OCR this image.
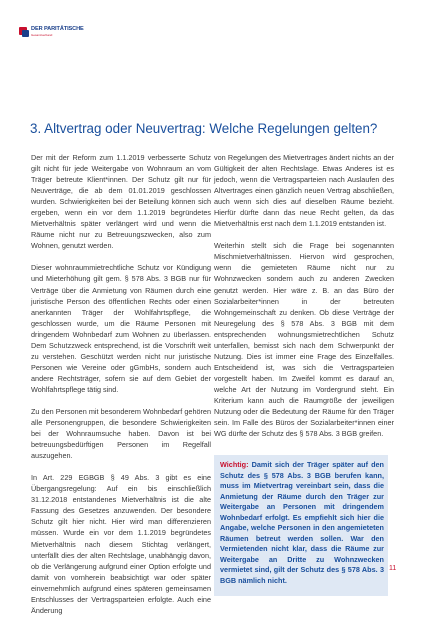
DER PARITÄTISCHE
Gesamtverband
3. Altvertrag oder Neuvertrag: Welche Regelungen gelten?

Der mit der Reform zum 1.1.2019 verbesserte Schutz gilt nicht für jede Weitergabe von Wohnraum an vom Träger betreute Klient*innen. Der Schutz gilt nur für Neuverträge, die ab dem 01.01.2019 geschlossen wurden. Schwierigkeiten bei der Beteilung können sich ergeben, wenn ein vor dem 1.1.2019 begründetes Mietverhältnis später verlängert wird und wenn die Räume nicht nur zu Betreuungszwecken, also zum Wohnen, genutzt werden.

Dieser wohnraummietrechtliche Schutz vor Kündigung und Mieterhöhung gilt gem. § 578 Abs. 3 BGB nur für Verträge über die Anmietung von Räumen durch eine juristische Person des öffentlichen Rechts oder einen anerkannten Träger der Wohlfahrtspflege, die geschlossen wurde, um die Räume Personen mit dringendem Wohnbedarf zum Wohnen zu überlassen. Dem Schutzzweck entsprechend, ist die Vorschrift weit zu verstehen. Geschützt werden nicht nur juristische Personen wie Vereine oder gGmbHs, sondern auch andere Rechtsträger, sofern sie auf dem Gebiet der Wohlfahrtspflege tätig sind.

Zu den Personen mit besonderem Wohnbedarf gehören alle Personengruppen, die besondere Schwierigkeiten bei der Wohnraumsuche haben. Davon ist bei betreuungsbedürftigen Personen im Regelfall auszugehen.

In Art. 229 EGBGB § 49 Abs. 3 gibt es eine Übergangsregelung: Auf ein bis einschließlich 31.12.2018 entstandenes Mietverhältnis ist die alte Fassung des Gesetzes anzuwenden. Der besondere Schutz gilt hier nicht. Hier wird man differenzieren müssen. Wurde ein vor dem 1.1.2019 begründetes Mietverhältnis nach diesem Stichtag verlängert, unterfällt dies der alten Rechtslage, unabhängig davon, ob die Verlängerung aufgrund einer Option erfolgte und damit von vornherein beabsichtigt war oder später einvernehmlich aufgrund eines späteren gemeinsamen Entschlusses der Vertragsparteien erfolgte. Auch eine Änderung

von Regelungen des Mietvertrages ändert nichts an der Gültigkeit der alten Rechtslage. Etwas Anderes ist es jedoch, wenn die Vertragsparteien nach Auslaufen des Altvertrages einen gänzlich neuen Vertrag abschließen, auch wenn sich dies auf dieselben Räume bezieht. Hierfür dürfte dann das neue Recht gelten, da das Mietverhältnis erst nach dem 1.1.2019 entstanden ist.

Weiterhin stellt sich die Frage bei sogenannten Mischmietverhältnissen. Hiervon wird gesprochen, wenn die gemieteten Räume nicht nur zu Wohnzwecken sondern auch zu anderen Zwecken genutzt werden. Hier wäre z. B. an das Büro der Sozialarbeiter*innen in der betreuten Wohngemeinschaft zu denken. Ob diese Verträge der Neuregelung des § 578 Abs. 3 BGB mit dem entsprechenden wohnungsmietrechtlichen Schutz unterfallen, bemisst sich nach dem Schwerpunkt der Nutzung. Dies ist immer eine Frage des Einzelfalles. Entscheidend ist, was sich die Vertragsparteien vorgestellt haben. Im Zweifel kommt es darauf an, welche Art der Nutzung im Vordergrund steht. Ein Kriterium kann auch die Raumgröße der jeweiligen Nutzung oder die Bedeutung der Räume für den Träger sein. Im Falle des Büros der Sozialarbeiter*innen einer WG dürfte der Schutz des § 578 Abs. 3 BGB greifen.

Wichtig: Damit sich der Träger später auf den Schutz des § 578 Abs. 3 BGB berufen kann, muss im Mietvertrag vereinbart sein, dass die Anmietung der Räume durch den Träger zur Weitergabe an Personen mit dringendem Wohnbedarf erfolgt. Es empfiehlt sich hier die Angabe, welche Personen in den angemieteten Räumen betreut werden sollen. War den Vermietenden nicht klar, dass die Räume zur Weitergabe an Dritte zu Wohnzwecken vermietet sind, gilt der Schutz des § 578 Abs. 3 BGB nämlich nicht.
11
